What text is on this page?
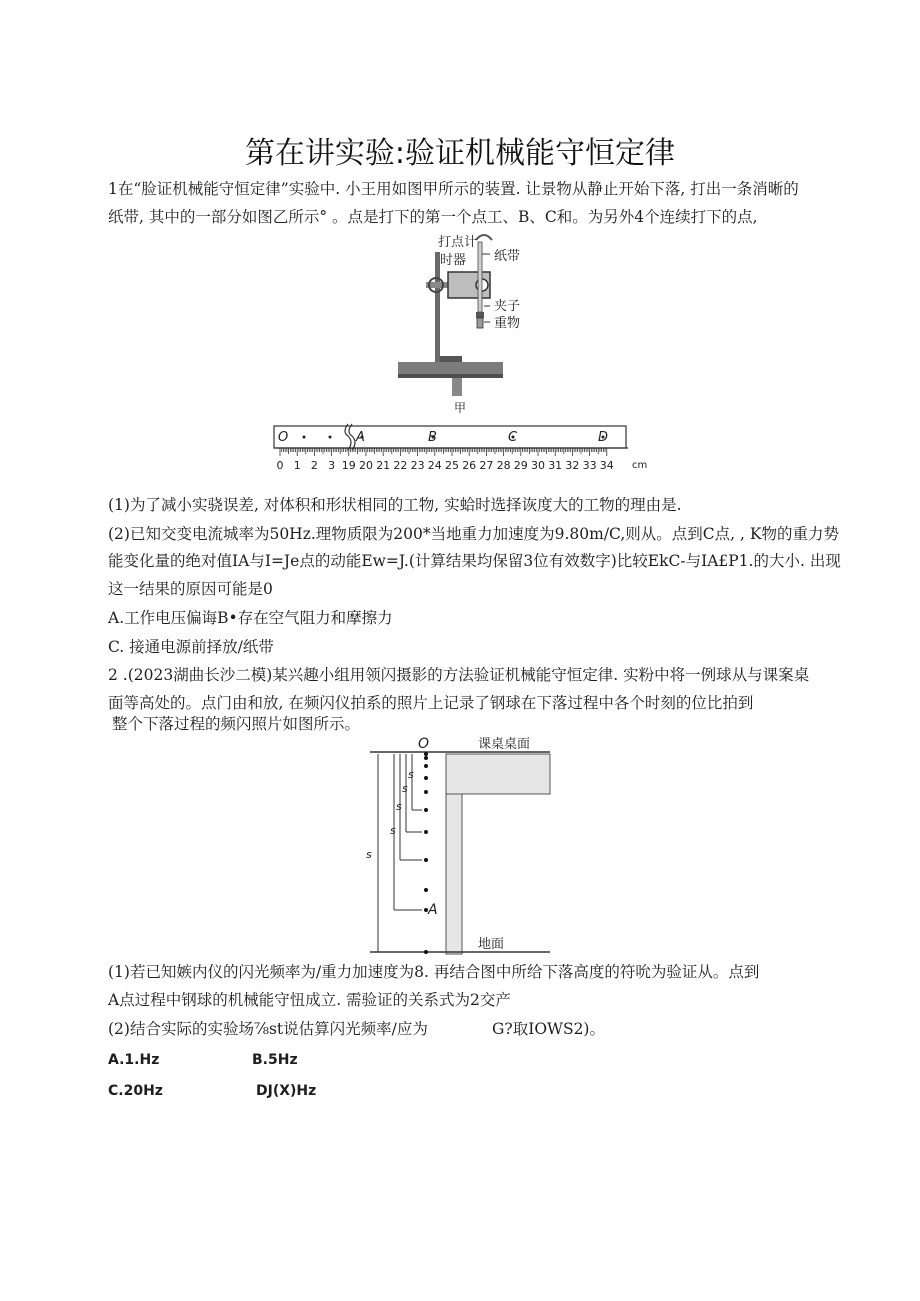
第在讲实验:验证机械能守恒定律
1在“脸证机械能守恒定律”实验中. 小王用如图甲所示的装置. 让景物从静止开始下落, 打出一条消晰的
纸带, 其中的一部分如图乙所示° 。点是打下的第一个点工、B、C和。为另外4个连续打下的点,
打点计
时器 纸带
夹子
重物
甲
O	A	B	C	D
0 1 2 3 19 20 21 22 23 24 25 26 27 28 29 30 31 32 33 34 cm
(1)为了减小实骁误差, 对体积和形状相同的工物, 实蛤时选择诙度大的工物的理由是.
(2)已知交变电流城率为50Hz.理物质限为200*当地重力加速度为9.80m/C,则从。点到C点, , K物的重力势
能变化量的绝对值IA与I=Je点的动能Ew=J.(计算结果均保留3位有效数字)比较EkC-与IA£P1.的大小. 出现
这一结果的原因可能是0
A.工作电压偏诲B•存在空气阻力和摩擦力
C. 接通电源前择放/纸带
2 .(2023湖曲长沙二模)某兴趣小组用领闪摄影的方法验证机械能守恒定律. 实粉中将一例球从与课案桌
面等高处的。点门由和放, 在频闪仪拍系的照片上记录了钢球在下落过程中各个时刻的位比拍到
整个下落过程的频闪照片如图所示。
O	课桌桌面
地面
s
s
s
s
s
A
(1)若已知嫉内仪的闪光频率为/重力加速度为8. 再结合图中所给下落高度的符吮为验证从。点到
A点过程中钢球的机械能守忸成立. 需验证的关系式为2交产
(2)结合实际的实验场⅞st说估算闪光频率/应为	G?取IOWS2)。
A.1.Hz	B.5Hz
C.20Hz	DJ(X)Hz
